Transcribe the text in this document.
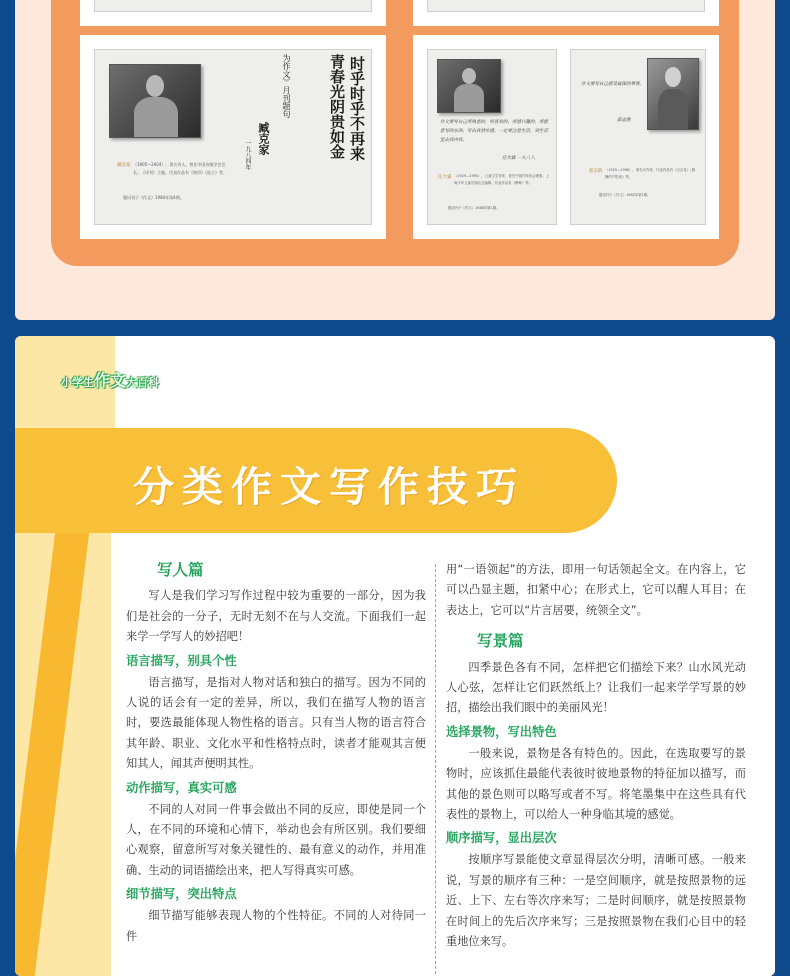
臧克家 （1905—2004），著名诗人，曾任中国诗歌学会会长。《诗刊》主编。代表作品有《烙印》《泥土》等。
题词刊于《作文》1984年第4期。
时乎时乎不再来
青春光阴贵如金
为作文》月刊题句
臧克家
一九八四年
作文要写自己所熟悉的，所喜欢的，所感兴趣的，所愿意写的东西，写出真情实感。一定要注意生活，到生活里去找内容。
任大霖 一九八八
任大霖 （1929—1995），儿童文学作家，曾任中国作家协会理事，上海少年儿童出版社总编辑。代表作品有《蟋蟀》等。
题词刊于《作文》1988年第1期。
作文要写自己感受最深的事情。
茹志鹃
茹志鹃 （1925—1998），著名女作家，代表作品有《百合花》《静静的产院里》等。
题词刊于《作文》1982年第1期。
小学生作文大百科
分类作文写作技巧

写人篇

写人是我们学习写作过程中较为重要的一部分，因为我们是社会的一分子，无时无刻不在与人交流。下面我们一起来学一学写人的妙招吧！

语言描写，别具个性

语言描写，是指对人物对话和独白的描写。因为不同的人说的话会有一定的差异，所以，我们在描写人物的语言时，要选最能体现人物性格的语言。只有当人物的语言符合其年龄、职业、文化水平和性格特点时，读者才能观其言便知其人，闻其声便明其性。

动作描写，真实可感

不同的人对同一件事会做出不同的反应，即使是同一个人，在不同的环境和心情下，举动也会有所区别。我们要细心观察，留意所写对象关键性的、最有意义的动作，并用准确、生动的词语描绘出来，把人写得真实可感。

细节描写，突出特点

细节描写能够表现人物的个性特征。不同的人对待同一件

用“一语领起”的方法，即用一句话领起全文。在内容上，它可以凸显主题，扣紧中心；在形式上，它可以醒人耳目；在表达上，它可以“片言居要，统领全文”。

写景篇

四季景色各有不同，怎样把它们描绘下来？山水风光动人心弦，怎样让它们跃然纸上？让我们一起来学学写景的妙招，描绘出我们眼中的美丽风光！

选择景物，写出特色

一般来说，景物是各有特色的。因此，在选取要写的景物时，应该抓住最能代表彼时彼地景物的特征加以描写，而其他的景色则可以略写或者不写。将笔墨集中在这些具有代表性的景物上，可以给人一种身临其境的感觉。

顺序描写，显出层次

按顺序写景能使文章显得层次分明，清晰可感。一般来说，写景的顺序有三种：一是空间顺序，就是按照景物的远近、上下、左右等次序来写；二是时间顺序，就是按照景物在时间上的先后次序来写；三是按照景物在我们心目中的轻重地位来写。
